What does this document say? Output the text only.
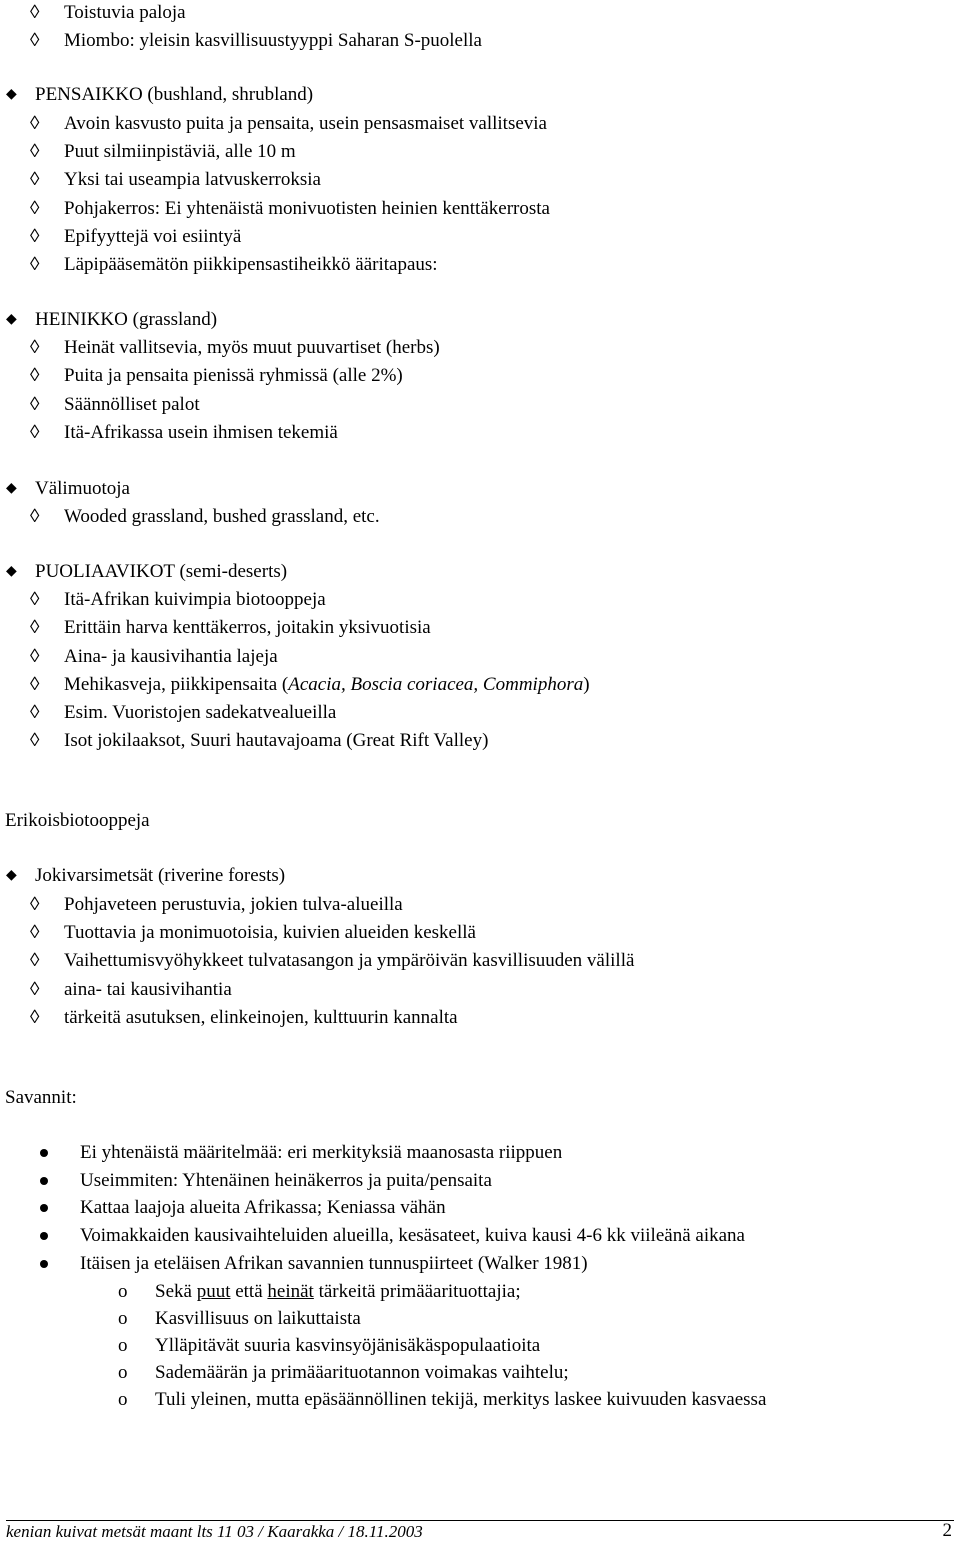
◊	Toistuvia paloja
◊	Miombo: yleisin kasvillisuustyyppi Saharan S-puolella
◆ PENSAIKKO (bushland, shrubland)
◊	Avoin kasvusto puita ja pensaita, usein pensasmaiset vallitsevia
◊	Puut silmiinpistäviä, alle 10 m
◊	Yksi tai useampia latvuskerroksia
◊	Pohjakerros: Ei yhtenäistä monivuotisten heinien kenttäkerrosta
◊	Epifyyttejä voi esiintyä
◊	Läpipääsemätön piikkipensastiheikkö ääritapaus:
◆ HEINIKKO (grassland)
◊	Heinät vallitsevia, myös muut puuvartiset (herbs)
◊	Puita ja pensaita pienissä ryhmissä (alle 2%)
◊	Säännölliset palot
◊	Itä-Afrikassa usein ihmisen tekemiä
◆ Välimuotoja
◊	Wooded grassland, bushed grassland, etc.
◆ PUOLIAAVIKOT (semi-deserts)
◊	Itä-Afrikan kuivimpia biotooppeja
◊	Erittäin harva kenttäkerros, joitakin yksivuotisia
◊	Aina- ja kausivihantia lajeja
◊	Mehikasveja, piikkipensaita (Acacia, Boscia coriacea, Commiphora)
◊	Esim. Vuoristojen sadekatvealueilla
◊	Isot jokilaaksot, Suuri hautavajoama (Great Rift Valley)
Erikoisbiotooppeja
◆ Jokivarsimetsät (riverine forests)
◊	Pohjaveteen perustuvia, jokien tulva-alueilla
◊	Tuottavia ja monimuotoisia, kuivien alueiden keskellä
◊	Vaihettumisvyöhykkeet tulvatasangon ja ympäröivän kasvillisuuden välillä
◊	aina- tai kausivihantia
◊	tärkeitä asutuksen, elinkeinojen, kulttuurin kannalta
Savannit:
Ei yhtenäistä määritelmää: eri merkityksiä maanosasta riippuen
Useimmiten: Yhtenäinen heinäkerros ja puita/pensaita
Kattaa laajoja alueita Afrikassa; Keniassa vähän
Voimakkaiden kausivaihteluiden alueilla, kesäsateet, kuiva kausi 4-6 kk viileänä aikana
Itäisen ja eteläisen Afrikan savannien tunnuspiirteet (Walker 1981)
o Sekä puut että heinät tärkeitä primääarituottajia;
o Kasvillisuus on laikuttaista
o Ylläpitävät suuria kasvinsyöjänisäkäspopulaatioita
o Sademäärän ja primääarituotannon voimakas vaihtelu;
o Tuli yleinen, mutta epäsäännöllinen tekijä, merkitys laskee kuivuuden kasvaessa
kenian kuivat metsät maant lts 11 03 / Kaarakka / 18.11.2003	2
